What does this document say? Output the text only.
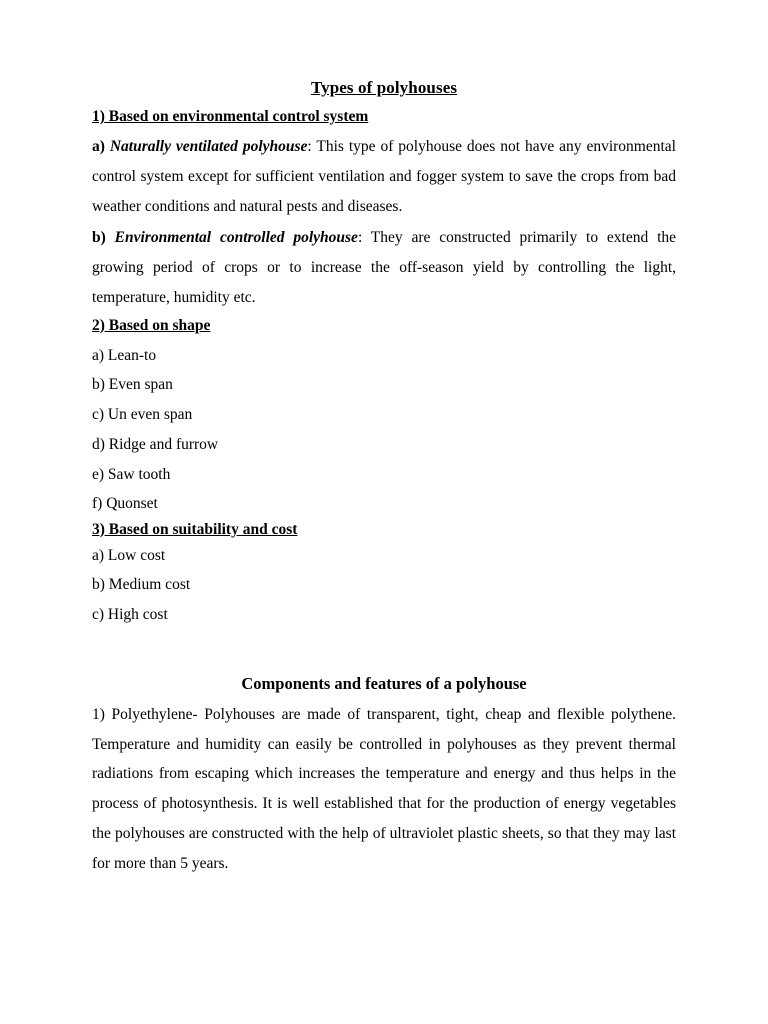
Types of polyhouses
1) Based on environmental control system

a) Naturally ventilated polyhouse: This type of polyhouse does not have any environmental control system except for sufficient ventilation and fogger system to save the crops from bad weather conditions and natural pests and diseases.

b) Environmental controlled polyhouse: They are constructed primarily to extend the growing period of crops or to increase the off-season yield by controlling the light, temperature, humidity etc.

2) Based on shape

a) Lean-to

b) Even span

c) Un even span

d) Ridge and furrow

e) Saw tooth

f) Quonset

3) Based on suitability and cost

a) Low cost

b) Medium cost

c) High cost

Components and features of a polyhouse

1) Polyethylene- Polyhouses are made of transparent, tight, cheap and flexible polythene. Temperature and humidity can easily be controlled in polyhouses as they prevent thermal radiations from escaping which increases the temperature and energy and thus helps in the process of photosynthesis. It is well established that for the production of energy vegetables the polyhouses are constructed with the help of ultraviolet plastic sheets, so that they may last for more than 5 years.
